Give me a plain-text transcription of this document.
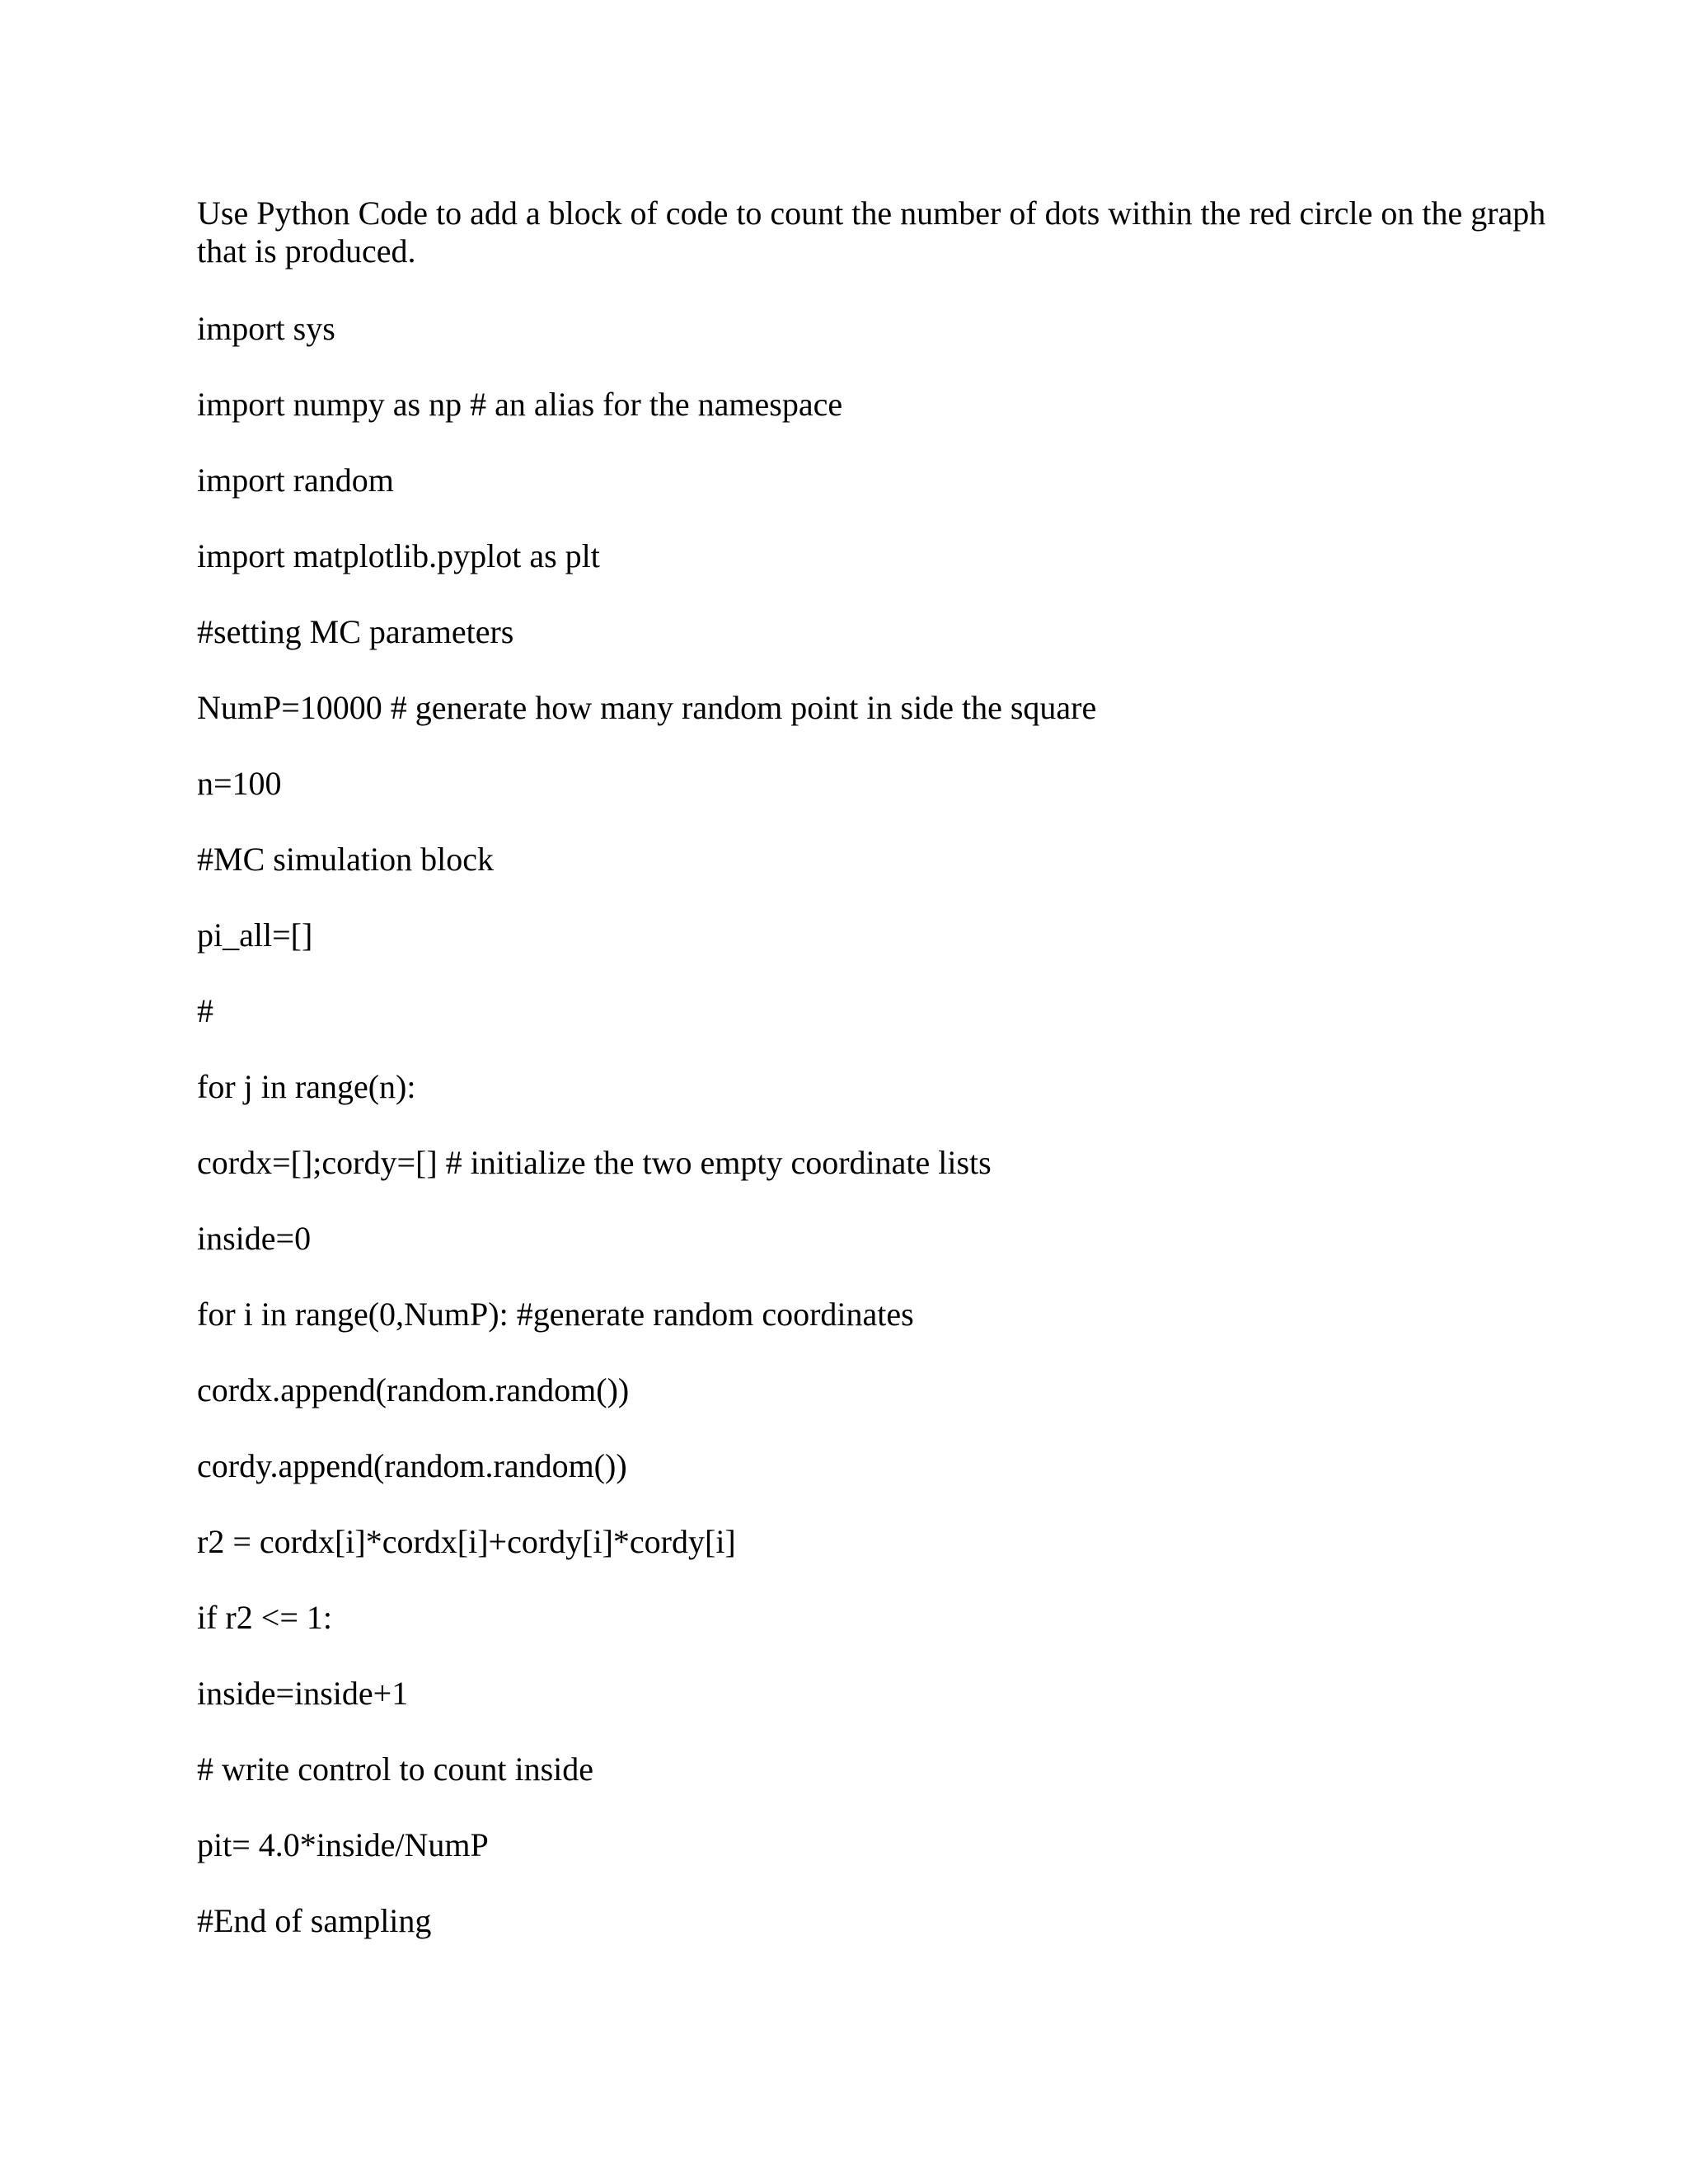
Use Python Code to add a block of code to count the number of dots within the red circle on the graph that is produced.

import sys

import numpy as np # an alias for the namespace

import random

import matplotlib.pyplot as plt

#setting MC parameters

NumP=10000 # generate how many random point in side the square

n=100

#MC simulation block

pi_all=[]

#

for j in range(n):

cordx=[];cordy=[] # initialize the two empty coordinate lists

inside=0

for i in range(0,NumP): #generate random coordinates

cordx.append(random.random())

cordy.append(random.random())

r2 = cordx[i]*cordx[i]+cordy[i]*cordy[i]

if r2 <= 1:

inside=inside+1

# write control to count inside

pit= 4.0*inside/NumP

#End of sampling
